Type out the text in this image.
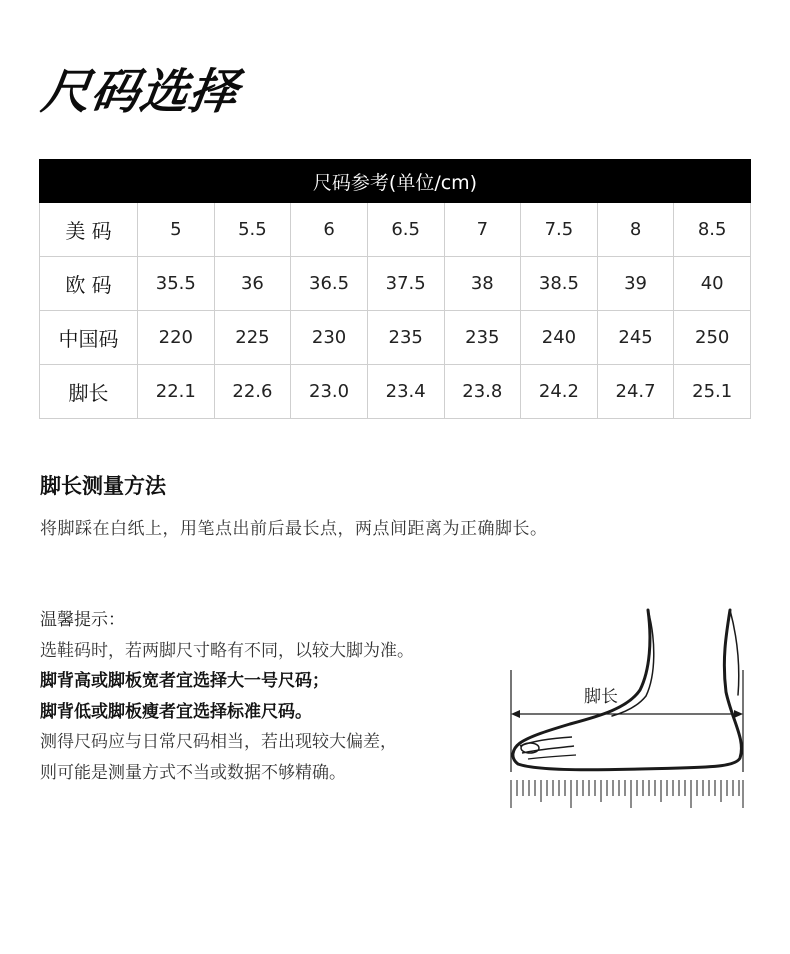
尺码选择
尺码参考(单位/cm)								
美 码	5	5.5	6	6.5	7	7.5	8	8.5
欧 码	35.5	36	36.5	37.5	38	38.5	39	40
中国码	220	225	230	235	235	240	245	250
脚长	22.1	22.6	23.0	23.4	23.8	24.2	24.7	25.1
脚长测量方法

将脚踩在白纸上，用笔点出前后最长点，两点间距离为正确脚长。

温馨提示：
选鞋码时，若两脚尺寸略有不同，以较大脚为准。
脚背高或脚板宽者宜选择大一号尺码；
脚背低或脚板瘦者宜选择标准尺码。
测得尺码应与日常尺码相当，若出现较大偏差，
则可能是测量方式不当或数据不够精确。
脚长
